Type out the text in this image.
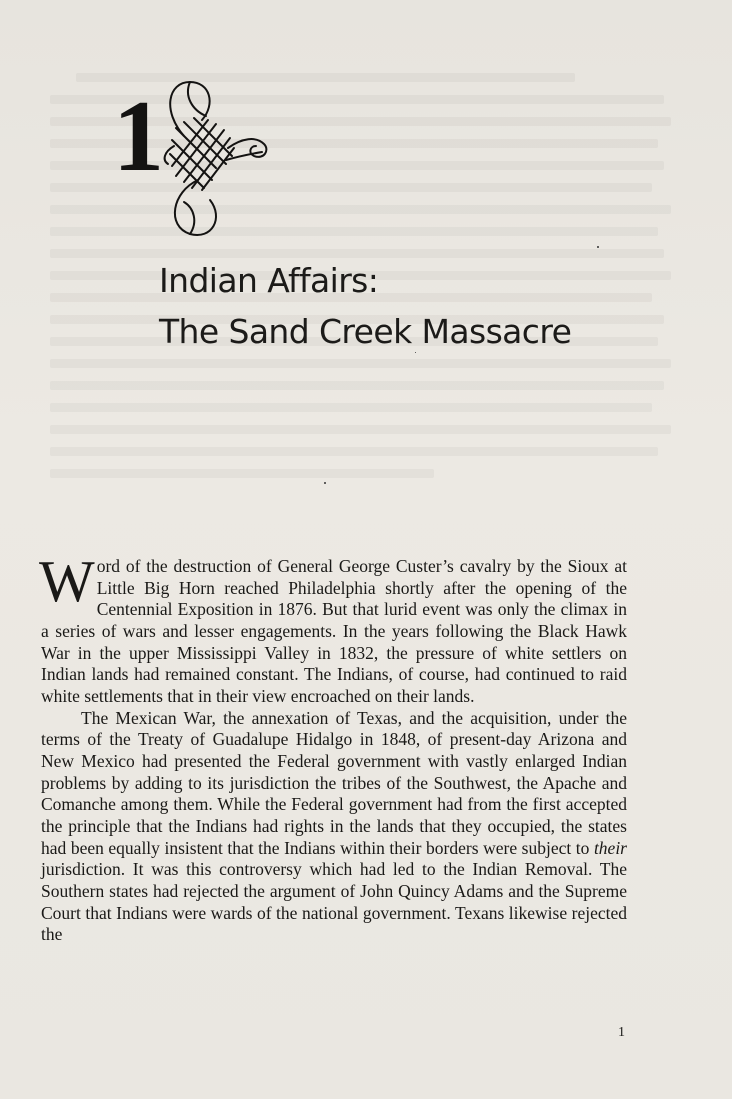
1
Indian Affairs:
The Sand Creek Massacre

Word of the destruction of General George Custer’s cavalry by the Sioux at Little Big Horn reached Philadelphia shortly after the opening of the Centennial Exposition in 1876. But that lurid event was only the climax in a series of wars and lesser engagements. In the years following the Black Hawk War in the upper Mississippi Valley in 1832, the pressure of white settlers on Indian lands had remained constant. The Indians, of course, had continued to raid white settlements that in their view encroached on their lands.

The Mexican War, the annexation of Texas, and the acquisition, under the terms of the Treaty of Guadalupe Hidalgo in 1848, of present-day Arizona and New Mexico had presented the Federal government with vastly enlarged Indian problems by adding to its jurisdiction the tribes of the Southwest, the Apache and Comanche among them. While the Federal government had from the first accepted the principle that the Indians had rights in the lands that they occupied, the states had been equally insistent that the Indians within their borders were subject to their jurisdiction. It was this controversy which had led to the Indian Removal. The Southern states had rejected the argument of John Quincy Adams and the Supreme Court that Indians were wards of the national government. Texans likewise rejected the

1
